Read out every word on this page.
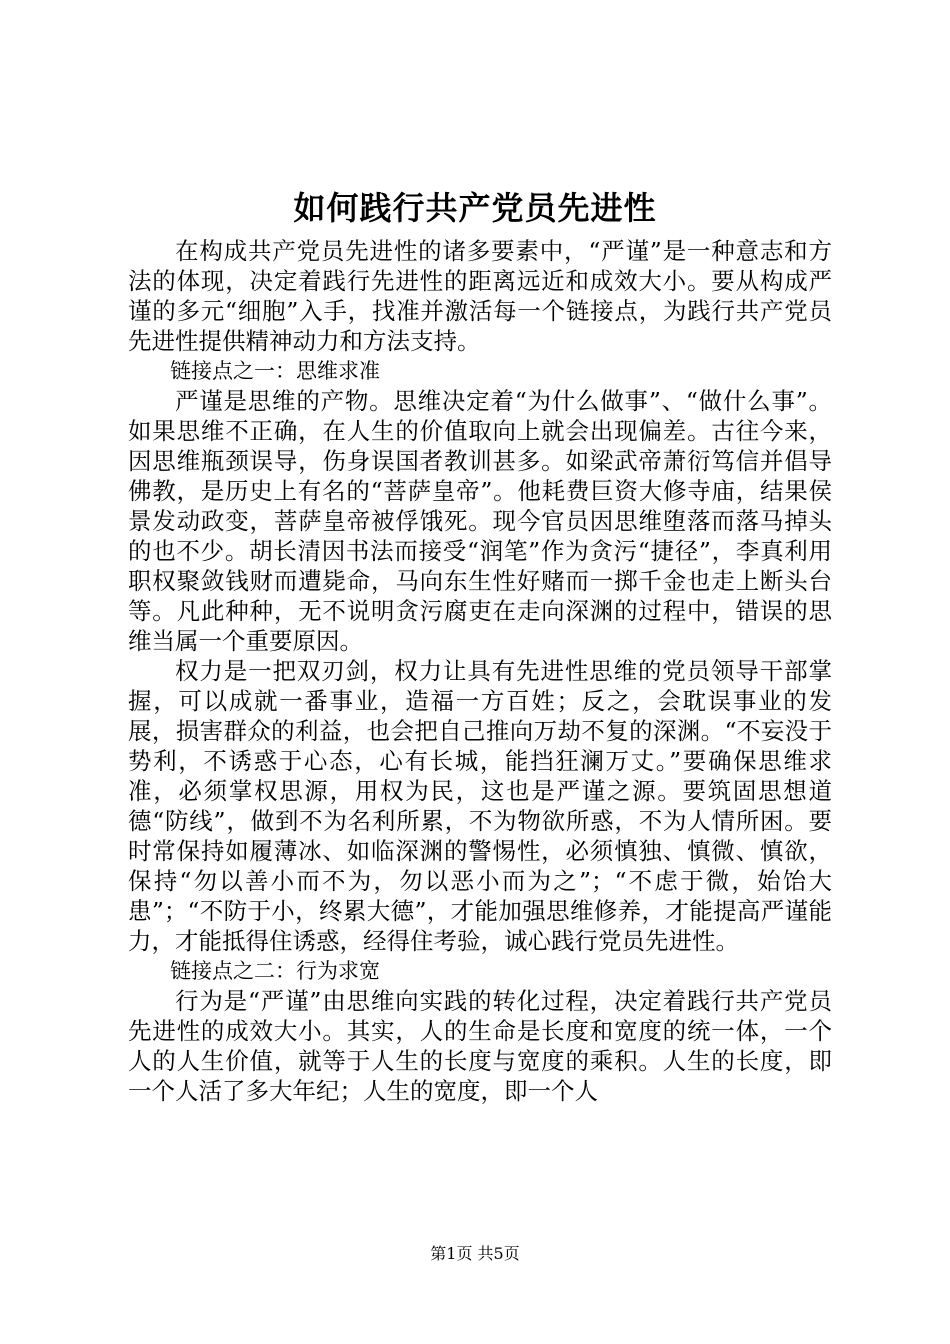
如何践行共产党员先进性

在构成共产党员先进性的诸多要素中，“严谨”是一种意志和方法的体现，决定着践行先进性的距离远近和成效大小。要从构成严谨的多元“细胞”入手，找准并激活每一个链接点，为践行共产党员先进性提供精神动力和方法支持。

链接点之一：思维求准

严谨是思维的产物。思维决定着“为什么做事”、“做什么事”。如果思维不正确，在人生的价值取向上就会出现偏差。古往今来，因思维瓶颈误导，伤身误国者教训甚多。如梁武帝萧衍笃信并倡导佛教，是历史上有名的“菩萨皇帝”。他耗费巨资大修寺庙，结果侯景发动政变，菩萨皇帝被俘饿死。现今官员因思维堕落而落马掉头的也不少。胡长清因书法而接受“润笔”作为贪污“捷径”，李真利用职权聚敛钱财而遭毙命，马向东生性好赌而一掷千金也走上断头台等。凡此种种，无不说明贪污腐吏在走向深渊的过程中，错误的思维当属一个重要原因。

权力是一把双刃剑，权力让具有先进性思维的党员领导干部掌握，可以成就一番事业，造福一方百姓；反之，会耽误事业的发展，损害群众的利益，也会把自己推向万劫不复的深渊。“不妄没于势利，不诱惑于心态，心有长城，能挡狂澜万丈。”要确保思维求准，必须掌权思源，用权为民，这也是严谨之源。要筑固思想道德“防线”，做到不为名利所累，不为物欲所惑，不为人情所困。要时常保持如履薄冰、如临深渊的警惕性，必须慎独、慎微、慎欲，保持“勿以善小而不为，勿以恶小而为之”；“不虑于微，始饴大患”；“不防于小，终累大德”，才能加强思维修养，才能提高严谨能力，才能抵得住诱惑，经得住考验，诚心践行党员先进性。

链接点之二：行为求宽

行为是“严谨”由思维向实践的转化过程，决定着践行共产党员先进性的成效大小。其实，人的生命是长度和宽度的统一体，一个人的人生价值，就等于人生的长度与宽度的乘积。人生的长度，即一个人活了多大年纪；人生的宽度，即一个人

第1页 共5页
